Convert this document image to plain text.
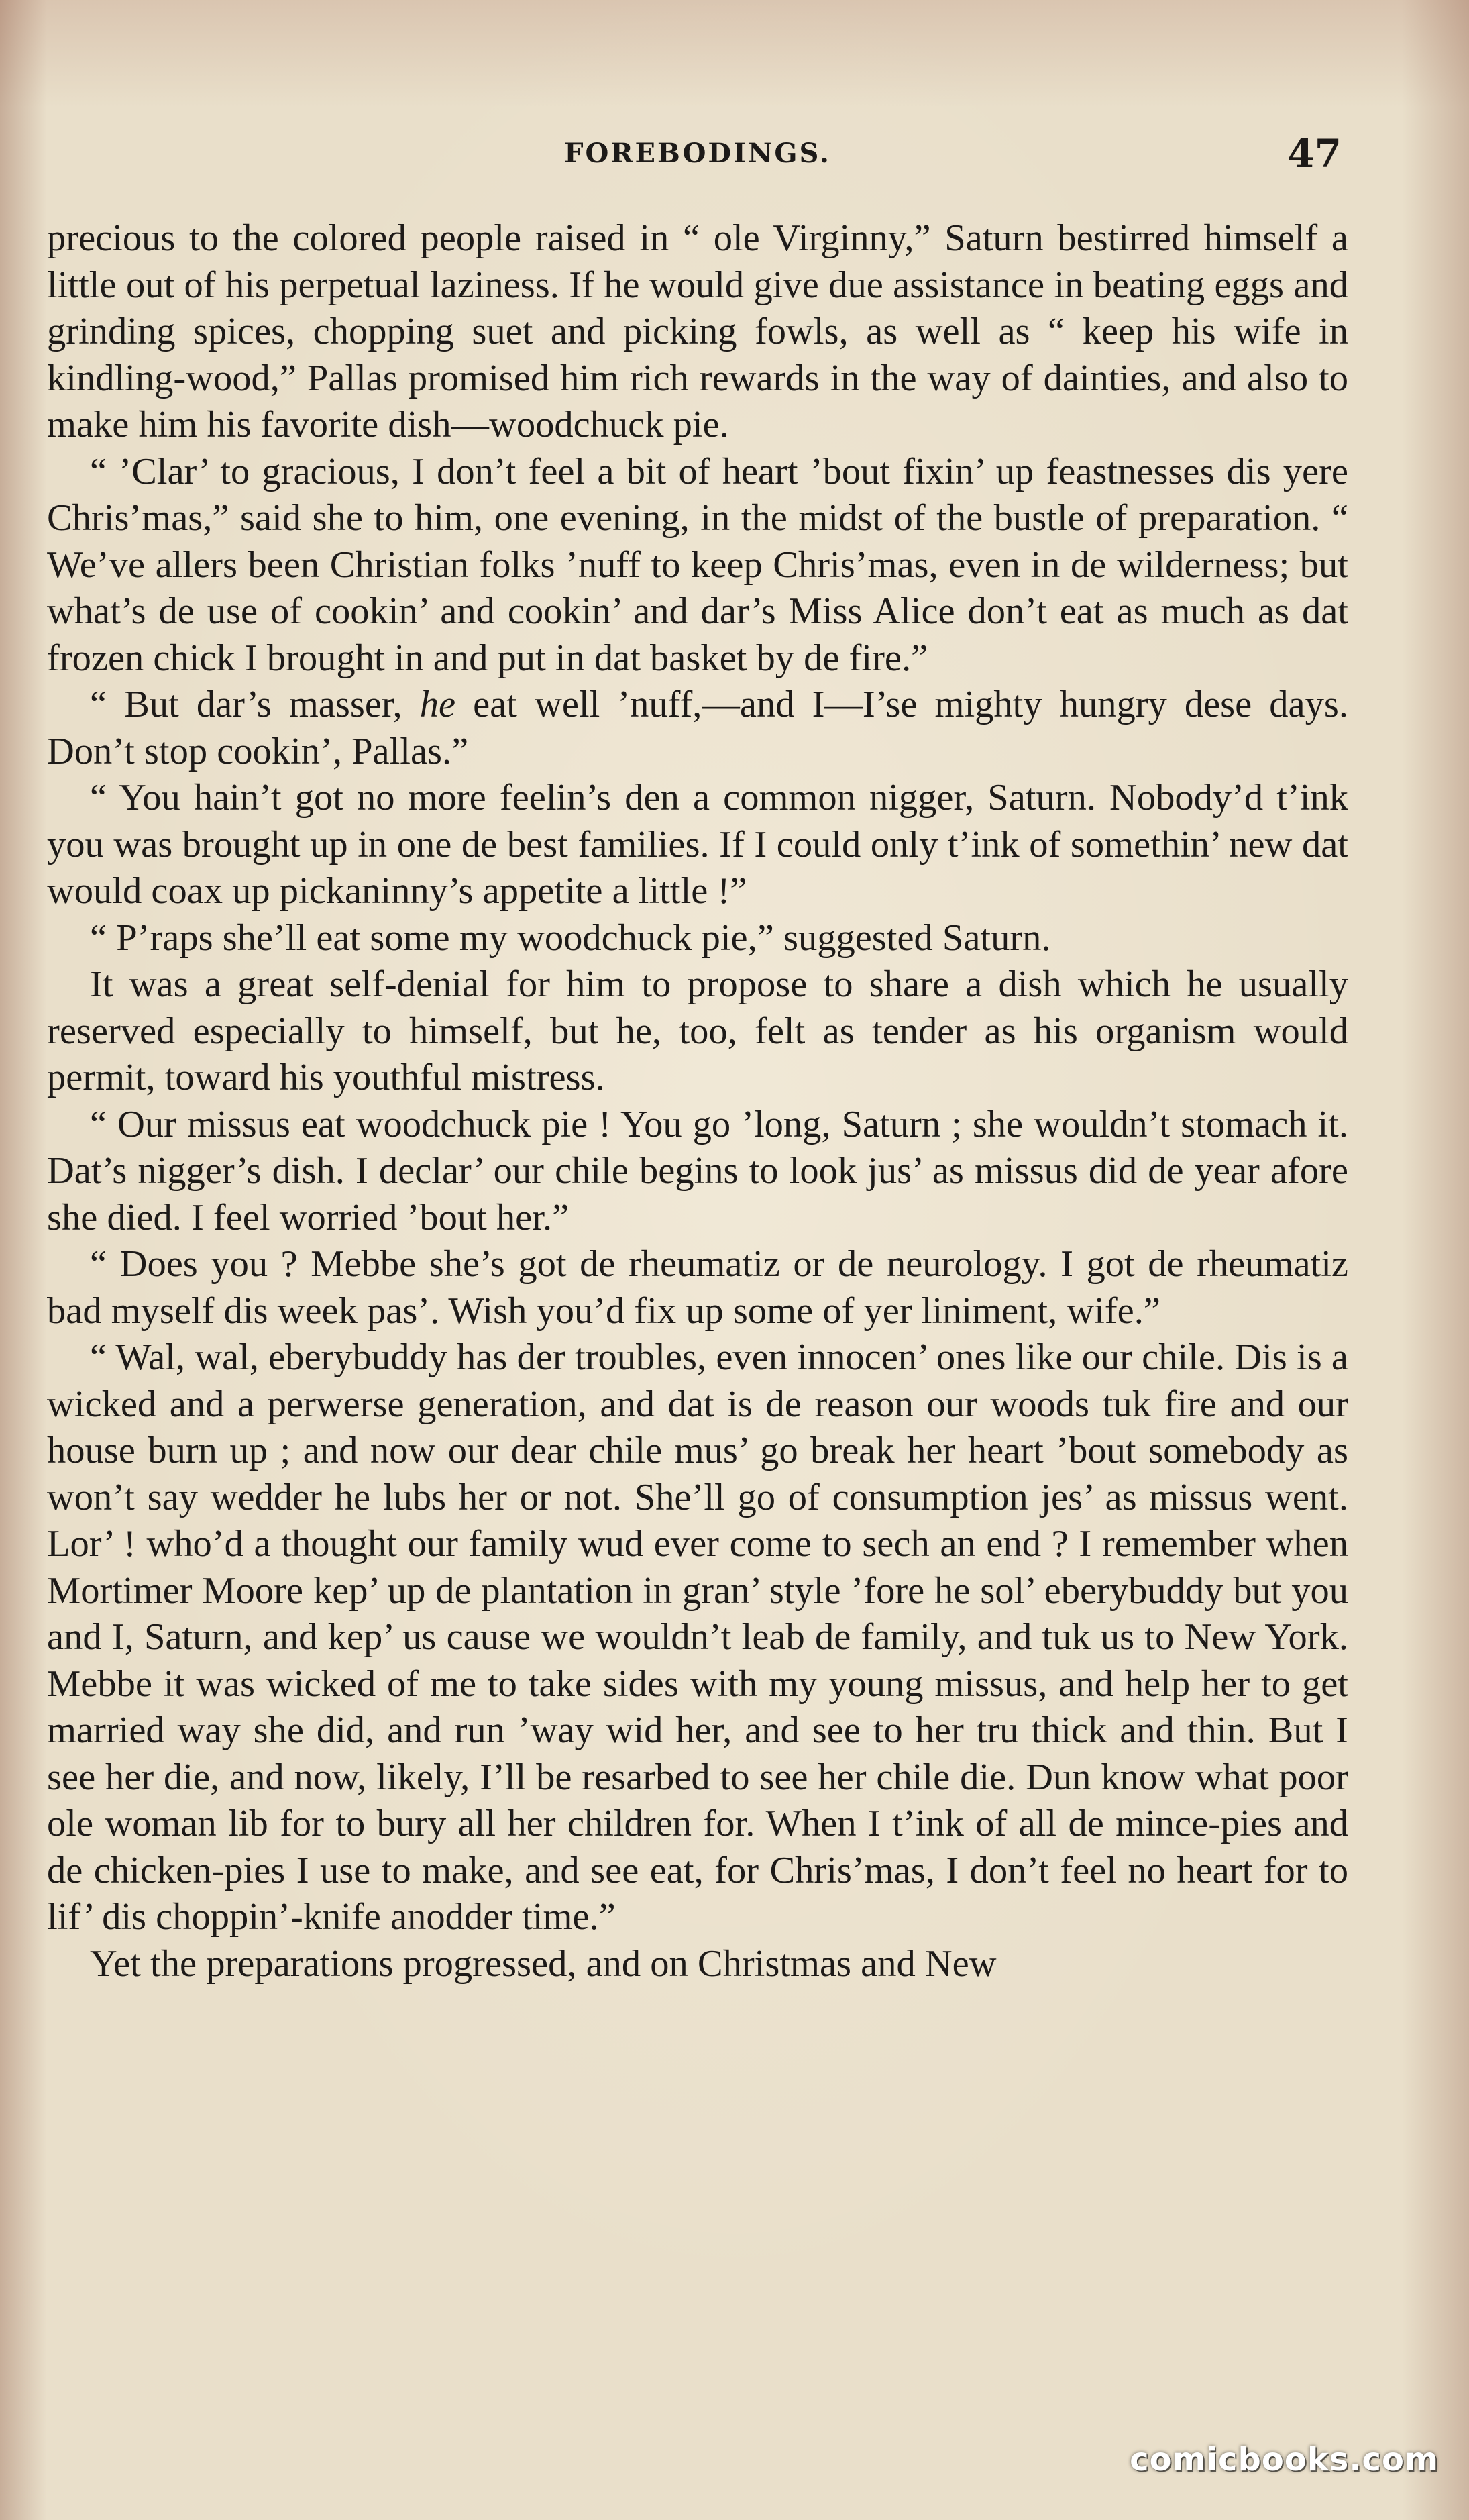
FOREBODINGS.	47

precious to the colored people raised in “ ole Virginny,” Saturn bestirred himself a little out of his perpetual laziness. If he would give due assistance in beating eggs and grinding spices, chopping suet and picking fowls, as well as “ keep his wife in kindling-wood,” Pallas promised him rich rewards in the way of dainties, and also to make him his favorite dish—woodchuck pie.

“ ’Clar’ to gracious, I don’t feel a bit of heart ’bout fixin’ up feastnesses dis yere Chris’mas,” said she to him, one evening, in the midst of the bustle of preparation. “ We’ve allers been Christian folks ’nuff to keep Chris’mas, even in de wilderness; but what’s de use of cookin’ and cookin’ and dar’s Miss Alice don’t eat as much as dat frozen chick I brought in and put in dat basket by de fire.”

“ But dar’s masser, he eat well ’nuff,—and I—I’se mighty hungry dese days. Don’t stop cookin’, Pallas.”

“ You hain’t got no more feelin’s den a common nigger, Saturn. Nobody’d t’ink you was brought up in one de best families. If I could only t’ink of somethin’ new dat would coax up pickaninny’s appetite a little !”

“ P’raps she’ll eat some my woodchuck pie,” suggested Saturn.

It was a great self-denial for him to propose to share a dish which he usually reserved especially to himself, but he, too, felt as tender as his organism would permit, toward his youthful mistress.

“ Our missus eat woodchuck pie ! You go ’long, Saturn ; she wouldn’t stomach it. Dat’s nigger’s dish. I declar’ our chile begins to look jus’ as missus did de year afore she died. I feel worried ’bout her.”

“ Does you ? Mebbe she’s got de rheumatiz or de neurology. I got de rheumatiz bad myself dis week pas’. Wish you’d fix up some of yer liniment, wife.”

“ Wal, wal, eberybuddy has der troubles, even innocen’ ones like our chile. Dis is a wicked and a perwerse generation, and dat is de reason our woods tuk fire and our house burn up ; and now our dear chile mus’ go break her heart ’bout somebody as won’t say wedder he lubs her or not. She’ll go of consumption jes’ as missus went. Lor’ ! who’d a thought our family wud ever come to sech an end ? I remember when Mortimer Moore kep’ up de plantation in gran’ style ’fore he sol’ eberybuddy but you and I, Saturn, and kep’ us cause we wouldn’t leab de family, and tuk us to New York. Mebbe it was wicked of me to take sides with my young missus, and help her to get married way she did, and run ’way wid her, and see to her tru thick and thin. But I see her die, and now, likely, I’ll be resarbed to see her chile die. Dun know what poor ole woman lib for to bury all her children for. When I t’ink of all de mince-pies and de chicken-pies I use to make, and see eat, for Chris’mas, I don’t feel no heart for to lif’ dis choppin’-knife anodder time.”

Yet the preparations progressed, and on Christmas and New

comicbooks.com
